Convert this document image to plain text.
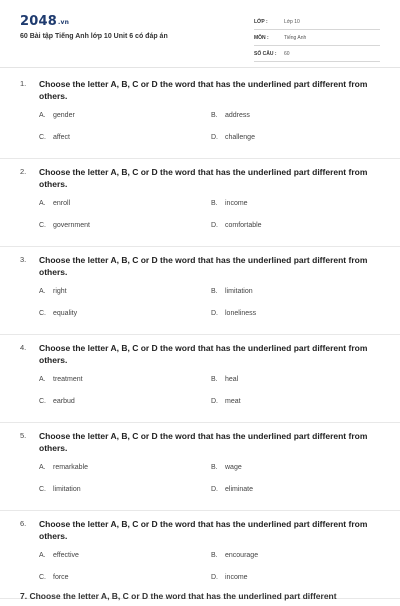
2048.vn
60 Bài tập Tiếng Anh lớp 10 Unit 6 có đáp án
LỚP :	Lớp 10
MÔN :	Tiếng Anh
SỐ CÂU :	60
1. Choose the letter A, B, C or D the word that has the underlined part different from others.
A.	gender	B.	address
C.	affect	D.	challenge
2. Choose the letter A, B, C or D the word that has the underlined part different from others.
A.	enroll	B.	income
C.	government	D.	comfortable
3. Choose the letter A, B, C or D the word that has the underlined part different from others.
A.	right	B.	limitation
C.	equality	D.	loneliness
4. Choose the letter A, B, C or D the word that has the underlined part different from others.
A.	treatment	B.	heal
C.	earbud	D.	meat
5. Choose the letter A, B, C or D the word that has the underlined part different from others.
A.	remarkable	B.	wage
C.	limitation	D.	eliminate
6. Choose the letter A, B, C or D the word that has the underlined part different from others.
A.	effective	B.	encourage
C.	force	D.	income
7. Choose the letter A, B, C or D the word that has the underlined part different
